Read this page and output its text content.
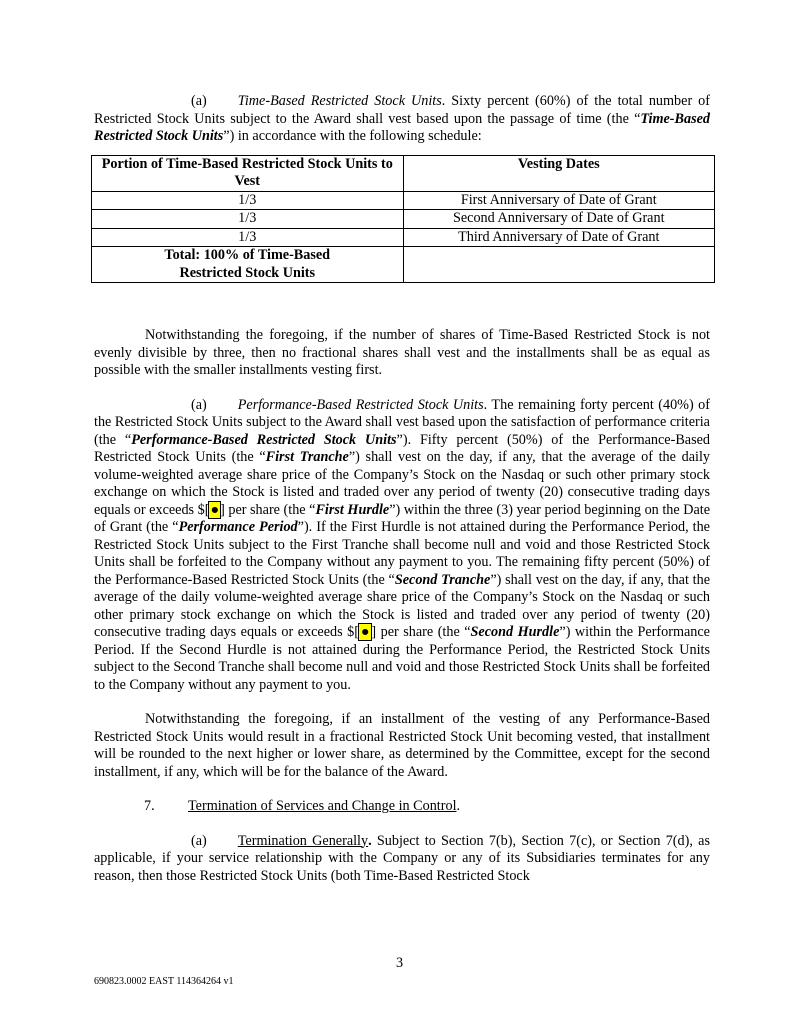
(a) Time-Based Restricted Stock Units. Sixty percent (60%) of the total number of Restricted Stock Units subject to the Award shall vest based upon the passage of time (the “Time-Based Restricted Stock Units”) in accordance with the following schedule:

Portion of Time-Based Restricted Stock Units to Vest	Vesting Dates
1/3	First Anniversary of Date of Grant
1/3	Second Anniversary of Date of Grant
1/3	Third Anniversary of Date of Grant
Total: 100% of Time-Based Restricted Stock Units	

Notwithstanding the foregoing, if the number of shares of Time-Based Restricted Stock is not evenly divisible by three, then no fractional shares shall vest and the installments shall be as equal as possible with the smaller installments vesting first.

(a) Performance-Based Restricted Stock Units. The remaining forty percent (40%) of the Restricted Stock Units subject to the Award shall vest based upon the satisfaction of performance criteria (the “Performance-Based Restricted Stock Units”). Fifty percent (50%) of the Performance-Based Restricted Stock Units (the “First Tranche”) shall vest on the day, if any, that the average of the daily volume-weighted average share price of the Company’s Stock on the Nasdaq or such other primary stock exchange on which the Stock is listed and traded over any period of twenty (20) consecutive trading days equals or exceeds $[●] per share (the “First Hurdle”) within the three (3) year period beginning on the Date of Grant (the “Performance Period”). If the First Hurdle is not attained during the Performance Period, the Restricted Stock Units subject to the First Tranche shall become null and void and those Restricted Stock Units shall be forfeited to the Company without any payment to you. The remaining fifty percent (50%) of the Performance-Based Restricted Stock Units (the “Second Tranche”) shall vest on the day, if any, that the average of the daily volume-weighted average share price of the Company’s Stock on the Nasdaq or such other primary stock exchange on which the Stock is listed and traded over any period of twenty (20) consecutive trading days equals or exceeds $[●] per share (the “Second Hurdle”) within the Performance Period. If the Second Hurdle is not attained during the Performance Period, the Restricted Stock Units subject to the Second Tranche shall become null and void and those Restricted Stock Units shall be forfeited to the Company without any payment to you.

Notwithstanding the foregoing, if an installment of the vesting of any Performance-Based Restricted Stock Units would result in a fractional Restricted Stock Unit becoming vested, that installment will be rounded to the next higher or lower share, as determined by the Committee, except for the second installment, if any, which will be for the balance of the Award.

7. Termination of Services and Change in Control.

(a) Termination Generally. Subject to Section 7(b), Section 7(c), or Section 7(d), as applicable, if your service relationship with the Company or any of its Subsidiaries terminates for any reason, then those Restricted Stock Units (both Time-Based Restricted Stock

3
690823.0002 EAST 114364264 v1
